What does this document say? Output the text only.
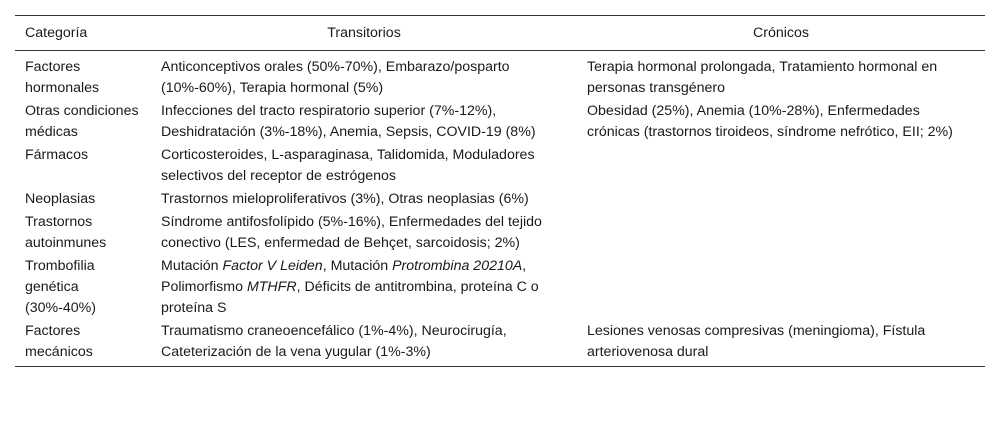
Categoría	Transitorios	Crónicos
Factores hormonales	Anticonceptivos orales (50%-70%), Embarazo/posparto (10%-60%), Terapia hormonal (5%)	Terapia hormonal prolongada, Tratamiento hormonal en personas transgénero
Otras condiciones médicas	Infecciones del tracto respiratorio superior (7%-12%), Deshidratación (3%-18%), Anemia, Sepsis, COVID-19 (8%)	Obesidad (25%), Anemia (10%-28%), Enfermedades crónicas (trastornos tiroideos, síndrome nefrótico, EII; 2%)
Fármacos	Corticosteroides, L-asparaginasa, Talidomida, Moduladores selectivos del receptor de estrógenos	
Neoplasias	Trastornos mieloproliferativos (3%), Otras neoplasias (6%)	
Trastornos autoinmunes	Síndrome antifosfolípido (5%-16%), Enfermedades del tejido conectivo (LES, enfermedad de Behçet, sarcoidosis; 2%)	
Trombofilia genética (30%-40%)	Mutación Factor V Leiden, Mutación Protrombina 20210A, Polimorfismo MTHFR, Déficits de antitrombina, proteína C o proteína S	
Factores mecánicos	Traumatismo craneoencefálico (1%-4%), Neurocirugía, Cateterización de la vena yugular (1%-3%)	Lesiones venosas compresivas (meningioma), Fístula arteriovenosa dural
